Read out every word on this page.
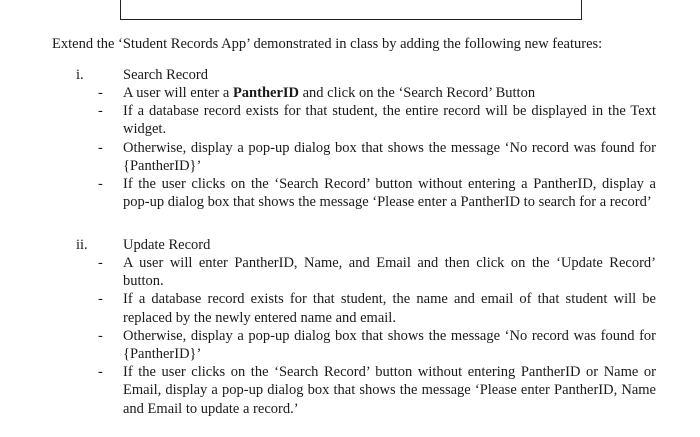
Extend the ‘Student Records App’ demonstrated in class by adding the following new features:
i.	Search Record
- A user will enter a PantherID and click on the ‘Search Record’ Button
- If a database record exists for that student, the entire record will be displayed in the Text widget.
- Otherwise, display a pop-up dialog box that shows the message ‘No record was found for {PantherID}’
- If the user clicks on the ‘Search Record’ button without entering a PantherID, display a pop-up dialog box that shows the message ‘Please enter a PantherID to search for a record’
ii. Update Record
- A user will enter PantherID, Name, and Email and then click on the ‘Update Record’ button.
- If a database record exists for that student, the name and email of that student will be replaced by the newly entered name and email.
- Otherwise, display a pop-up dialog box that shows the message ‘No record was found for {PantherID}’
- If the user clicks on the ‘Search Record’ button without entering PantherID or Name or Email, display a pop-up dialog box that shows the message ‘Please enter PantherID, Name and Email to update a record.’
